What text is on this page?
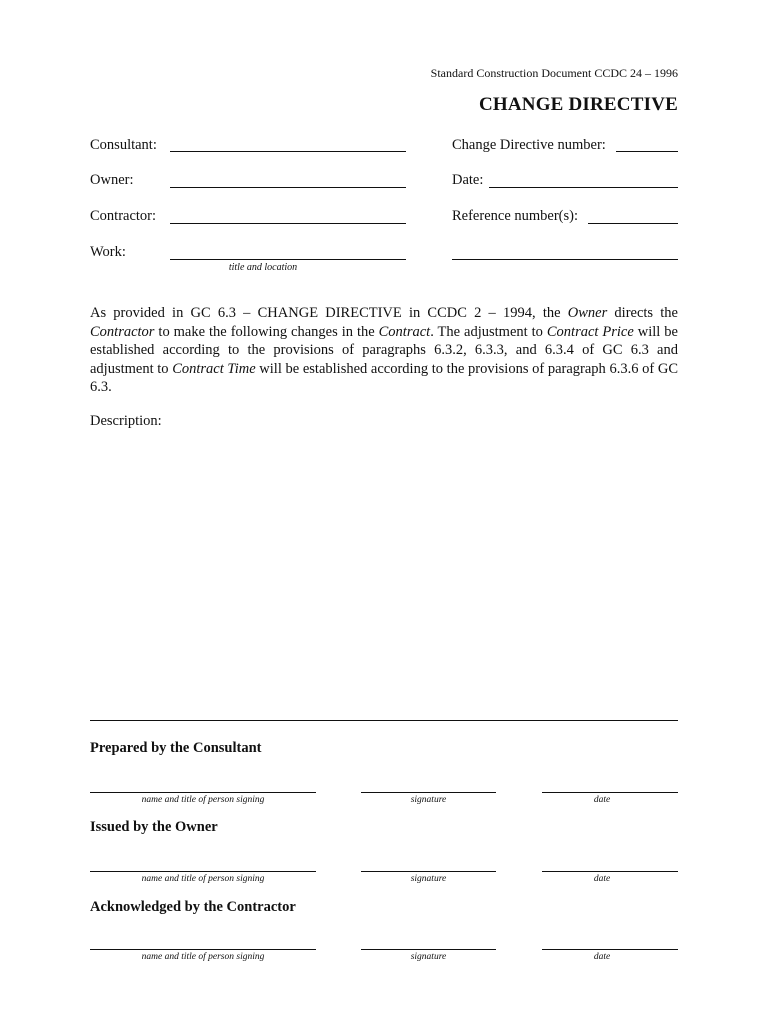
Standard Construction Document CCDC 24 – 1996
CHANGE DIRECTIVE
Consultant:
Owner:
Contractor:
Work:
title and location
Change Directive number:
Date:
Reference number(s):
As provided in GC 6.3 – CHANGE DIRECTIVE in CCDC 2 – 1994, the Owner directs the Contractor to make the following changes in the Contract. The adjustment to Contract Price will be established according to the provisions of paragraphs 6.3.2, 6.3.3, and 6.3.4 of GC 6.3 and adjustment to Contract Time will be established according to the provisions of paragraph 6.3.6 of GC 6.3.
Description:
Prepared by the Consultant
name and title of person signing	signature	date
Issued by the Owner
name and title of person signing	signature	date
Acknowledged by the Contractor
name and title of person signing	signature	date
